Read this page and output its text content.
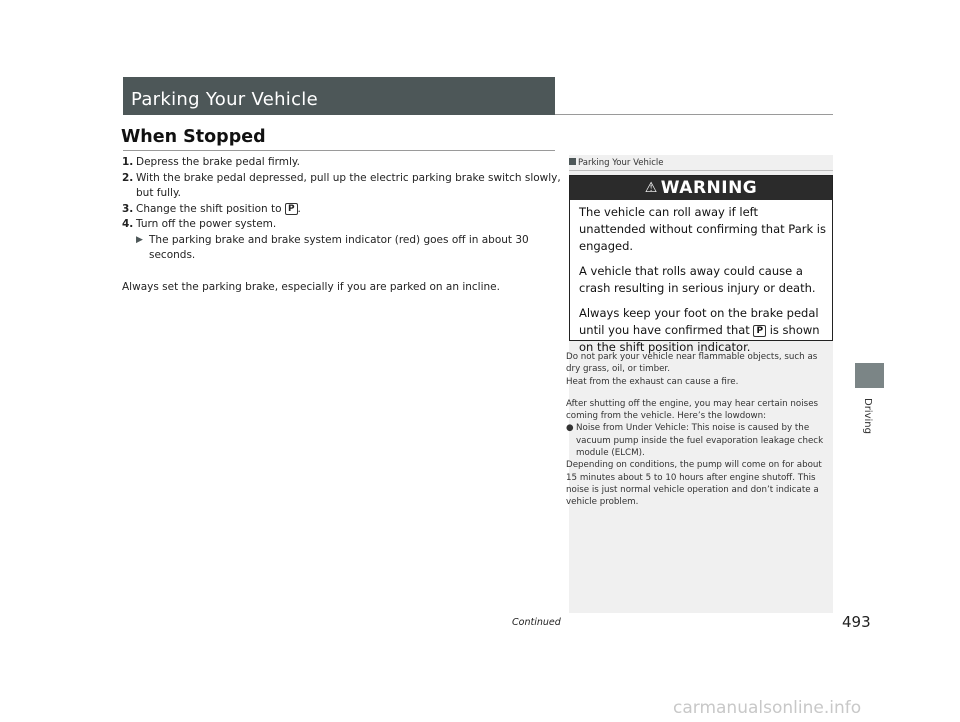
Parking Your Vehicle
When Stopped
1. Depress the brake pedal firmly.
2. With the brake pedal depressed, pull up the electric parking brake switch slowly, but fully.
3. Change the shift position to P .
4. Turn off the power system.
▶ The parking brake and brake system indicator (red) goes off in about 30 seconds.
Always set the parking brake, especially if you are parked on an incline.
Parking Your Vehicle
⚠ WARNING

The vehicle can roll away if left unattended without confirming that Park is engaged.

A vehicle that rolls away could cause a crash resulting in serious injury or death.

Always keep your foot on the brake pedal until you have confirmed that P is shown on the shift position indicator.

Do not park your vehicle near flammable objects, such as dry grass, oil, or timber.

Heat from the exhaust can cause a fire.

After shutting off the engine, you may hear certain noises coming from the vehicle. Here’s the lowdown:

● Noise from Under Vehicle: This noise is caused by the vacuum pump inside the fuel evaporation leakage check module (ELCM).

Depending on conditions, the pump will come on for about 15 minutes about 5 to 10 hours after engine shutoff. This noise is just normal vehicle operation and don’t indicate a vehicle problem.

Driving
Continued	493
carmanualsonline.info
